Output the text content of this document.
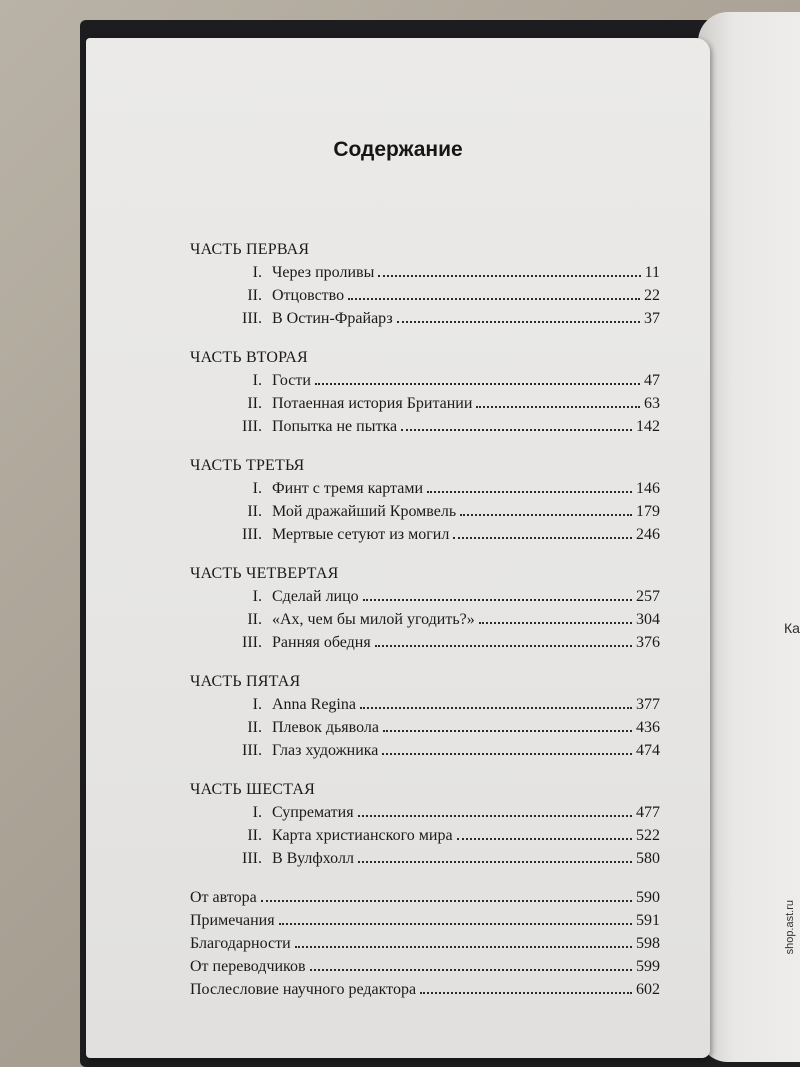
Ка
shop.ast.ru
Содержание
ЧАСТЬ ПЕРВАЯ
I. Через проливы	11
II. Отцовство	22
III. В Остин-Фрайарз	37
ЧАСТЬ ВТОРАЯ
I. Гости	47
II. Потаенная история Британии	63
III. Попытка не пытка	142
ЧАСТЬ ТРЕТЬЯ
I. Финт с тремя картами	146
II. Мой дражайший Кромвель	179
III. Мертвые сетуют из могил	246
ЧАСТЬ ЧЕТВЕРТАЯ
I. Сделай лицо	257
II. «Ах, чем бы милой угодить?»	304
III. Ранняя обедня	376
ЧАСТЬ ПЯТАЯ
I. Anna Regina	377
II. Плевок дьявола	436
III. Глаз художника	474
ЧАСТЬ ШЕСТАЯ
I. Супрематия	477
II. Карта христианского мира	522
III. В Вулфхолл	580
От автора	590
Примечания	591
Благодарности	598
От переводчиков	599
Послесловие научного редактора	602
